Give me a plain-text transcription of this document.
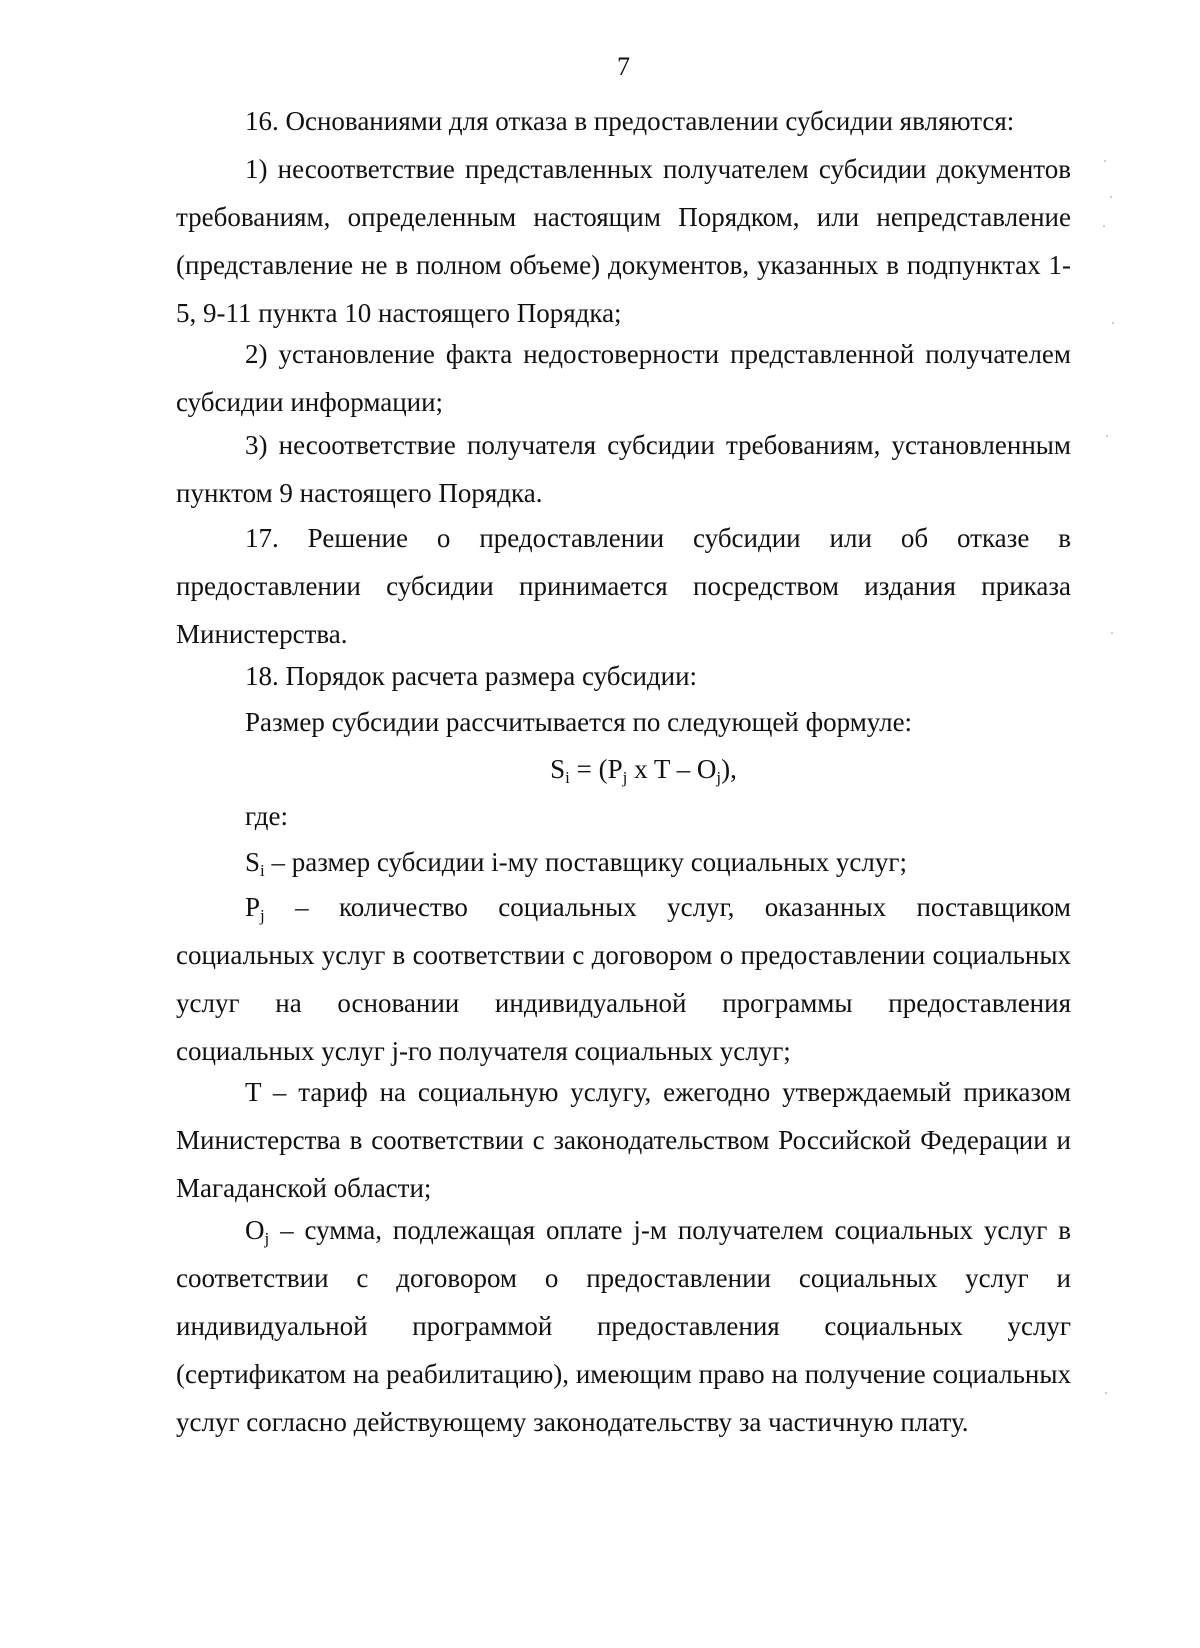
7

16. Основаниями для отказа в предоставлении субсидии являются:

1) несоответствие представленных получателем субсидии документов требованиям, определенным настоящим Порядком, или непредставление (представление не в полном объеме) документов, указанных в подпунктах 1-5, 9-11 пункта 10 настоящего Порядка;

2) установление факта недостоверности представленной получателем субсидии информации;

3) несоответствие получателя субсидии требованиям, установленным пунктом 9 настоящего Порядка.

17. Решение о предоставлении субсидии или об отказе в предоставлении субсидии принимается посредством издания приказа Министерства.

18. Порядок расчета размера субсидии:

Размер субсидии рассчитывается по следующей формуле:

$S_i = (P_j$ x T – $O_j$),

где:

$S_i$ – размер субсидии i-му поставщику социальных услуг;

$P_j$ – количество социальных услуг, оказанных поставщиком социальных услуг в соответствии с договором о предоставлении социальных услуг на основании индивидуальной программы предоставления социальных услуг j-го получателя социальных услуг;

T – тариф на социальную услугу, ежегодно утверждаемый приказом Министерства в соответствии с законодательством Российской Федерации и Магаданской области;

$O_j$ – сумма, подлежащая оплате j-м получателем социальных услуг в соответствии с договором о предоставлении социальных услуг и индивидуальной программой предоставления социальных услуг (сертификатом на реабилитацию), имеющим право на получение социальных услуг согласно действующему законодательству за частичную плату.
